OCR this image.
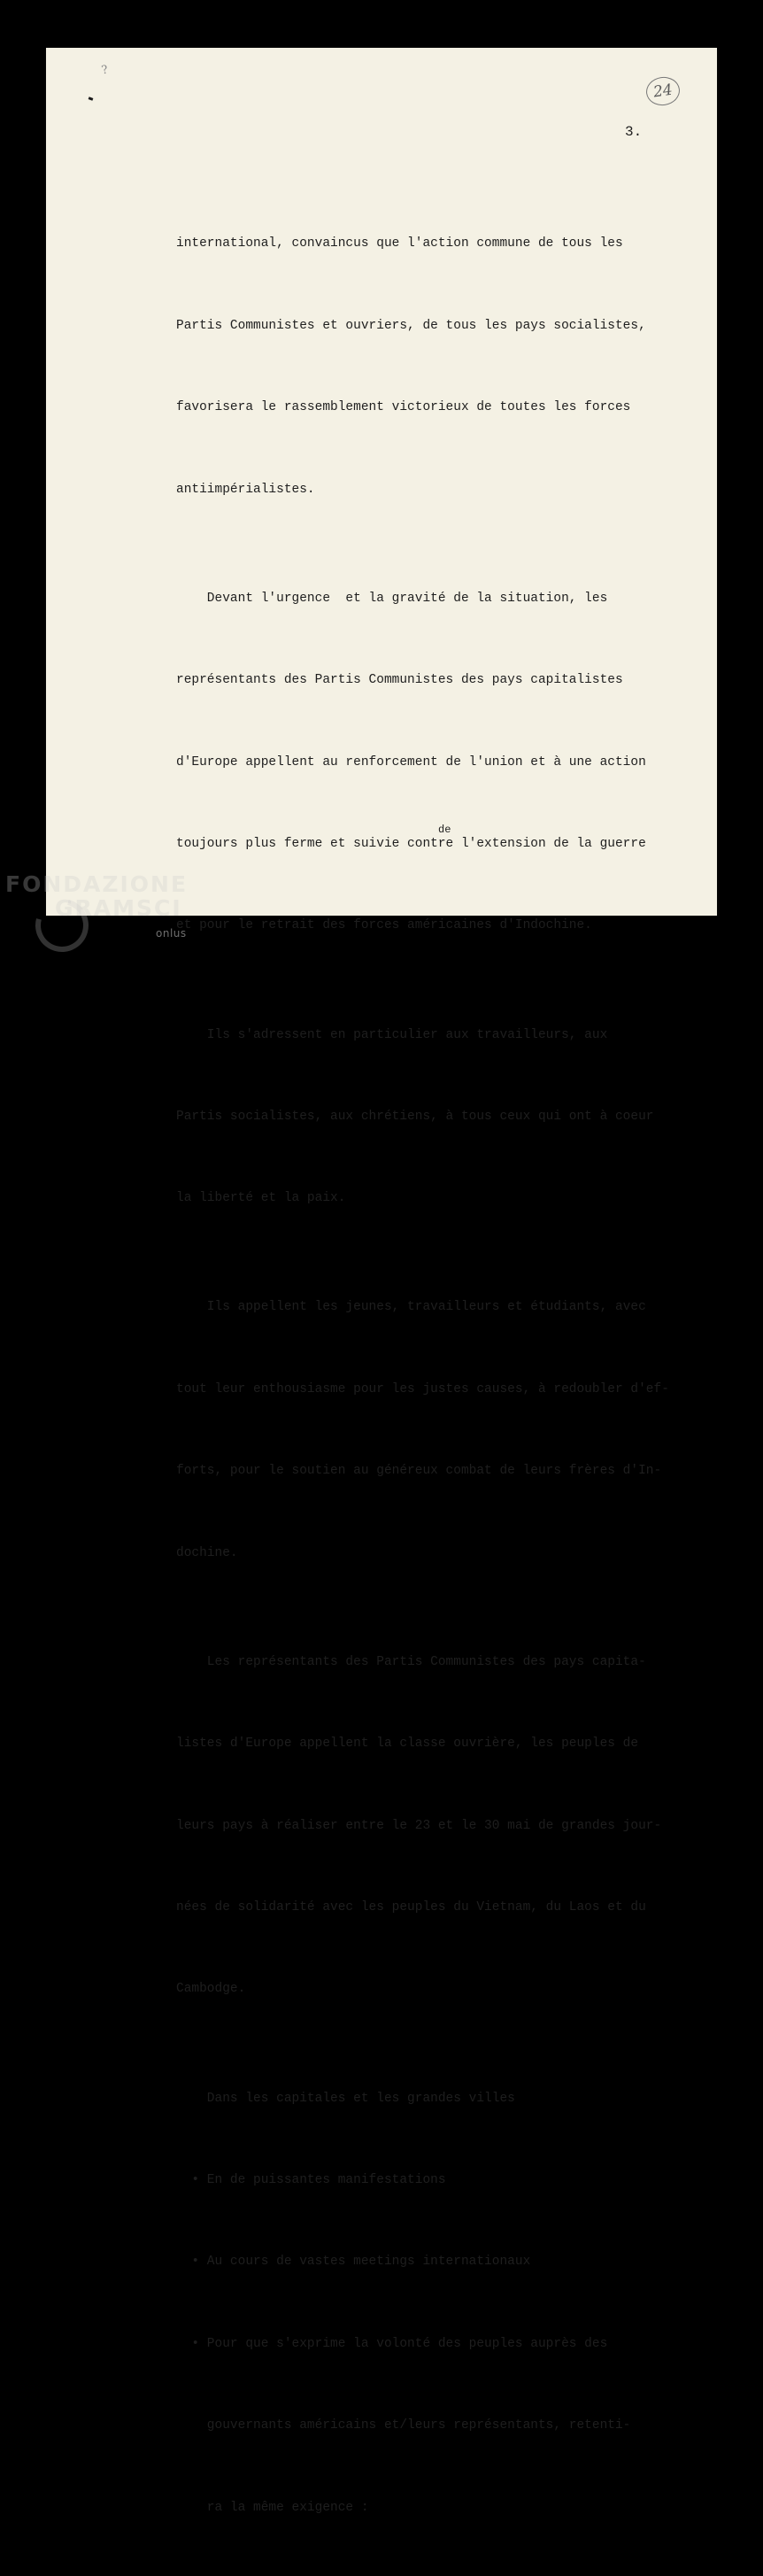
?
24
3.

international, convaincus que l'action commune de tous les

Partis Communistes et ouvriers, de tous les pays socialistes,

favorisera le rassemblement victorieux de toutes les forces

antiimpérialistes.

Devant l'urgence  et la gravité de la situation, les

représentants des Partis Communistes des pays capitalistes

d'Europe appellent au renforcement de l'union et à une action

toujours plus ferme et suivie contre l'extension de la guerre

et pour le retrait des forces américaines d'Indochine.

Ils s'adressent en particulier aux travailleurs, aux

Partis socialistes, aux chrétiens, à tous ceux qui ont à coeur

la liberté et la paix.

Ils appellent les jeunes, travailleurs et étudiants, avec

tout leur enthousiasme pour les justes causes, à redoubler d'ef-

forts, pour le soutien au généreux combat de leurs frères d'In-

dochine.

Les représentants des Partis Communistes des pays capita-

listes d'Europe appellent la classe ouvrière, les peuples de

leurs pays à réaliser entre le 23 et le 30 mai de grandes jour-

nées de solidarité avec les peuples du Vietnam, du Laos et du

Cambodge.

Dans les capitales et les grandes villes

• En de puissantes manifestations

• Au cours de vastes meetings internationaux

• Pour que s'exprime la volonté des peuples auprès des

gouvernants américains et/leurs représentants, retenti-

ra la même exigence :

de
FONDAZIONE
GRAMSCI
onlus
